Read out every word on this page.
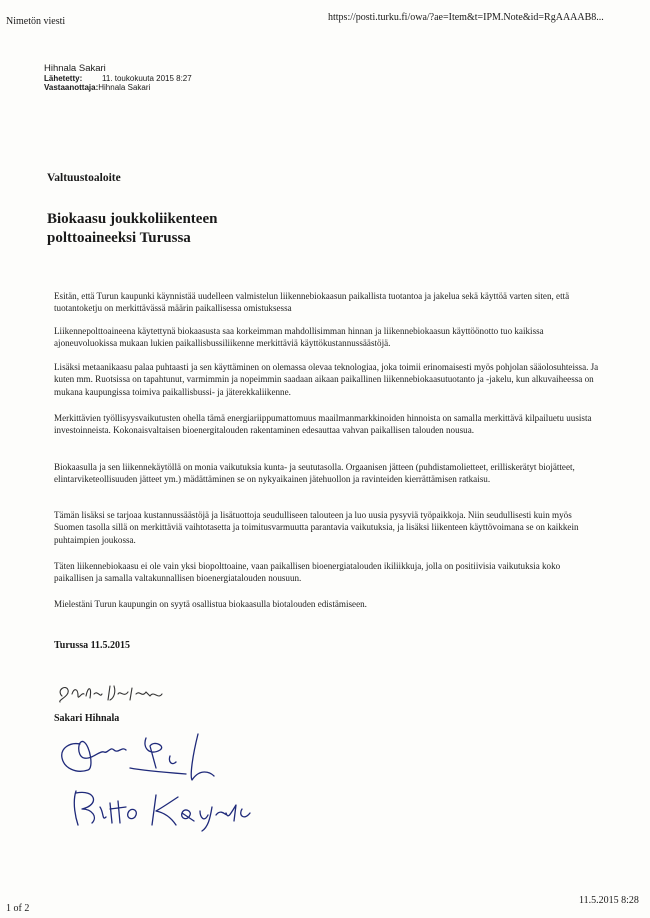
Nimetön viesti	https://posti.turku.fi/owa/?ae=Item&t=IPM.Note&id=RgAAAAB8...
Hihnala Sakari
Lähetetty: 11. toukokuuta 2015 8:27
Vastaanottaja:Hihnala Sakari
Valtuustoaloite
Biokaasu joukkoliikenteen
polttoaineeksi Turussa

Esitän, että Turun kaupunki käynnistää uudelleen valmistelun liikennebiokaasun paikallista tuotantoa ja jakelua sekä käyttöä varten siten, että tuotantoketju on merkittävässä määrin paikallisessa omistuksessa

Liikennepolttoaineena käytettynä biokaasusta saa korkeimman mahdollisimman hinnan ja liikennebiokaasun käyttöönotto tuo kaikissa ajoneuvoluokissa mukaan lukien paikallisbussiliikenne merkittäviä käyttökustannussäästöjä.

Lisäksi metaanikaasu palaa puhtaasti ja sen käyttäminen on olemassa olevaa teknologiaa, joka toimii erinomaisesti myös pohjolan sääolosuhteissa. Ja kuten mm. Ruotsissa on tapahtunut, varmimmin ja nopeimmin saadaan aikaan paikallinen liikennebiokaasutuotanto ja -jakelu, kun alkuvaiheessa on mukana kaupungissa toimiva paikallisbussi- ja jäterekkaliikenne.

Merkittävien työllisyysvaikutusten ohella tämä energiariippumattomuus maailmanmarkkinoiden hinnoista on samalla merkittävä kilpailuetu uusista investoinneista. Kokonaisvaltaisen bioenergitalouden rakentaminen edesauttaa vahvan paikallisen talouden nousua.

Biokaasulla ja sen liikennekäytöllä on monia vaikutuksia kunta- ja seututasolla. Orgaanisen jätteen (puhdistamolietteet, erilliskerätyt biojätteet, elintarviketeollisuuden jätteet ym.) mädättäminen se on nykyaikainen jätehuollon ja ravinteiden kierrättämisen ratkaisu.

Tämän lisäksi se tarjoaa kustannussäästöjä ja lisätuottoja seudulliseen talouteen ja luo uusia pysyviä työpaikkoja. Niin seudullisesti kuin myös Suomen tasolla sillä on merkittäviä vaihtotasetta ja toimitusvarmuutta parantavia vaikutuksia, ja lisäksi liikenteen käyttövoimana se on kaikkein puhtaimpien joukossa.

Täten liikennebiokaasu ei ole vain yksi biopolttoaine, vaan paikallisen bioenergiatalouden ikiliikkuja, jolla on positiivisia vaikutuksia koko paikallisen ja samalla valtakunnallisen bioenergiatalouden nousuun.

Mielestäni Turun kaupungin on syytä osallistua biokaasulla biotalouden edistämiseen.

Turussa 11.5.2015
Sakari Hihnala
1 of 2
11.5.2015 8:28
